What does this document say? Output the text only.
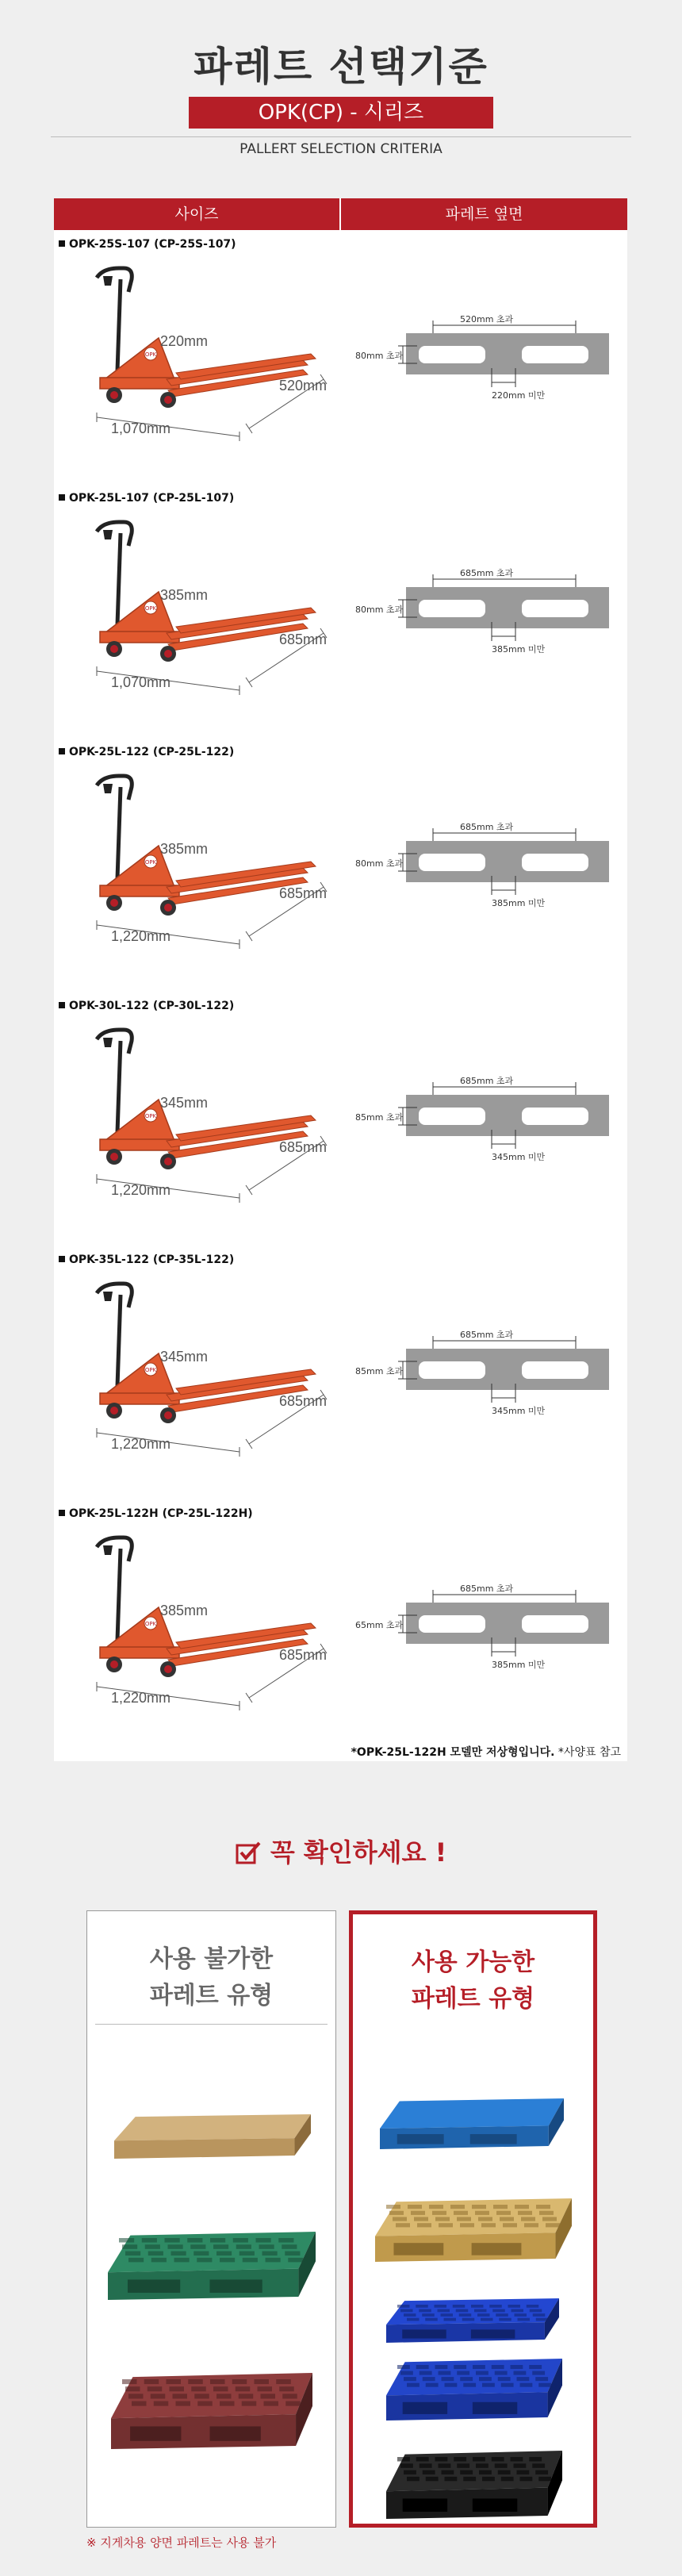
파레트 선택기준
OPK(CP) - 시리즈
PALLERT SELECTION CRITERIA
사이즈	파레트 옆면
OPK-25S-107 (CP-25S-107)
OPK
220mm
520mm
1,070mm
520mm 초과
80mm 초과
220mm 미만
OPK-25L-107 (CP-25L-107)
OPK
385mm
685mm
1,070mm
685mm 초과
80mm 초과
385mm 미만
OPK-25L-122 (CP-25L-122)
OPK
385mm
685mm
1,220mm
685mm 초과
80mm 초과
385mm 미만
OPK-30L-122 (CP-30L-122)
OPK
345mm
685mm
1,220mm
685mm 초과
85mm 초과
345mm 미만
OPK-35L-122 (CP-35L-122)
OPK
345mm
685mm
1,220mm
685mm 초과
85mm 초과
345mm 미만
OPK-25L-122H (CP-25L-122H)
OPK
385mm
685mm
1,220mm
685mm 초과
65mm 초과
385mm 미만
*OPK-25L-122H 모델만 저상형입니다. *사양표 참고
꼭 확인하세요 !
사용 불가한
파레트 유형
사용 가능한
파레트 유형
※ 지게차용 양면 파레트는 사용 불가
